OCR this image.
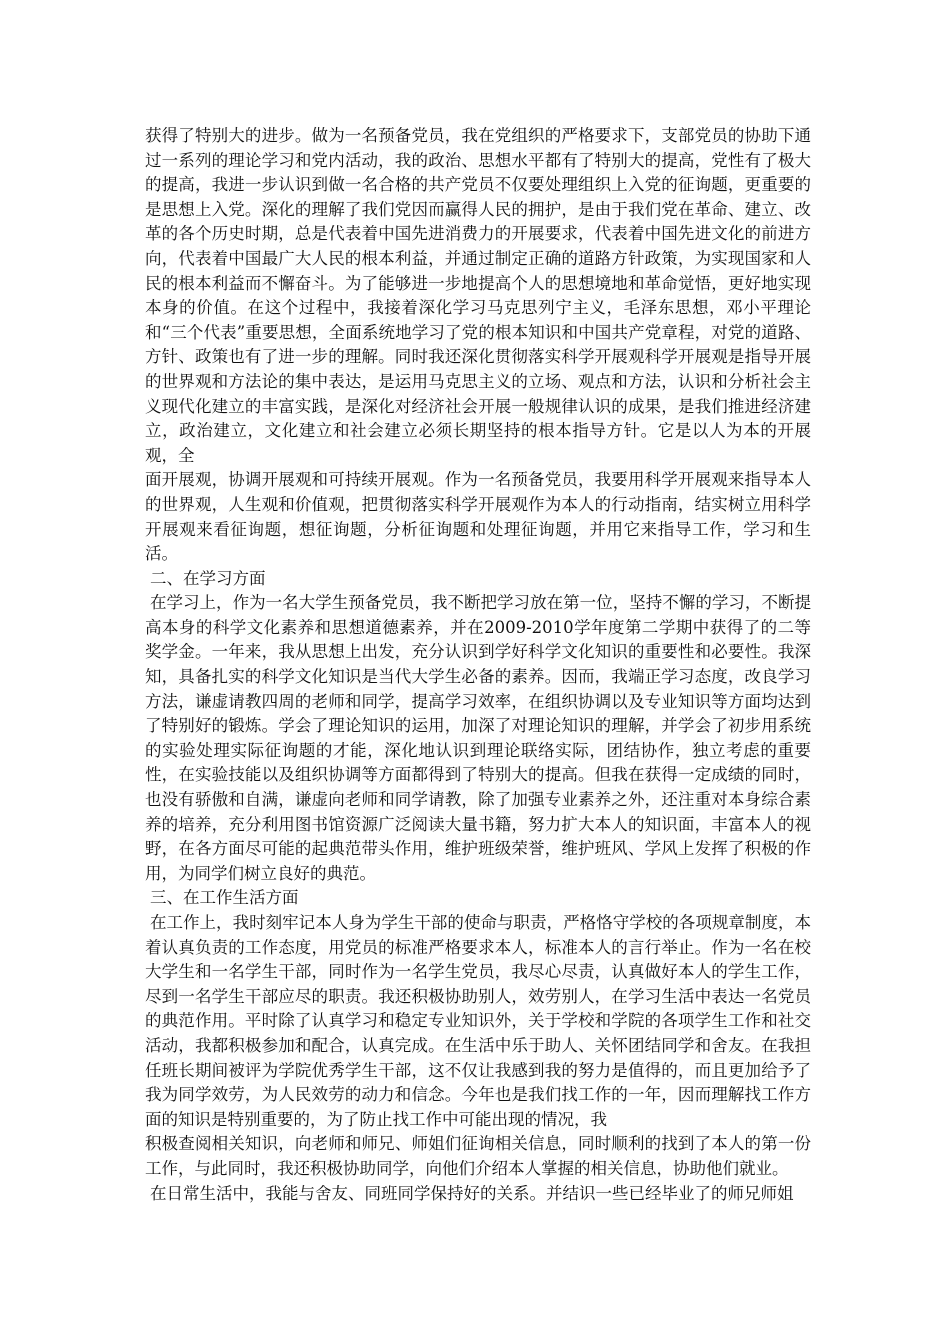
获得了特别大的进步。做为一名预备党员，我在党组织的严格要求下，支部党员的协助下通过一系列的理论学习和党内活动，我的政治、思想水平都有了特别大的提高，党性有了极大的提高，我进一步认识到做一名合格的共产党员不仅要处理组织上入党的征询题，更重要的是思想上入党。深化的理解了我们党因而赢得人民的拥护，是由于我们党在革命、建立、改革的各个历史时期，总是代表着中国先进消费力的开展要求，代表着中国先进文化的前进方向，代表着中国最广大人民的根本利益，并通过制定正确的道路方针政策，为实现国家和人民的根本利益而不懈奋斗。为了能够进一步地提高个人的思想境地和革命觉悟，更好地实现本身的价值。在这个过程中，我接着深化学习马克思列宁主义，毛泽东思想，邓小平理论和“三个代表”重要思想，全面系统地学习了党的根本知识和中国共产党章程，对党的道路、方针、政策也有了进一步的理解。同时我还深化贯彻落实科学开展观科学开展观是指导开展的世界观和方法论的集中表达，是运用马克思主义的立场、观点和方法，认识和分析社会主义现代化建立的丰富实践，是深化对经济社会开展一般规律认识的成果，是我们推进经济建立，政治建立，文化建立和社会建立必须长期坚持的根本指导方针。它是以人为本的开展观，全

面开展观，协调开展观和可持续开展观。作为一名预备党员，我要用科学开展观来指导本人的世界观，人生观和价值观，把贯彻落实科学开展观作为本人的行动指南，结实树立用科学开展观来看征询题，想征询题，分析征询题和处理征询题，并用它来指导工作，学习和生活。

二、在学习方面

在学习上，作为一名大学生预备党员，我不断把学习放在第一位，坚持不懈的学习，不断提高本身的科学文化素养和思想道德素养，并在2009-2010学年度第二学期中获得了的二等奖学金。一年来，我从思想上出发，充分认识到学好科学文化知识的重要性和必要性。我深知，具备扎实的科学文化知识是当代大学生必备的素养。因而，我端正学习态度，改良学习方法，谦虚请教四周的老师和同学，提高学习效率，在组织协调以及专业知识等方面均达到了特别好的锻炼。学会了理论知识的运用，加深了对理论知识的理解，并学会了初步用系统的实验处理实际征询题的才能，深化地认识到理论联络实际，团结协作，独立考虑的重要性，在实验技能以及组织协调等方面都得到了特别大的提高。但我在获得一定成绩的同时，也没有骄傲和自满，谦虚向老师和同学请教，除了加强专业素养之外，还注重对本身综合素养的培养，充分利用图书馆资源广泛阅读大量书籍，努力扩大本人的知识面，丰富本人的视野，在各方面尽可能的起典范带头作用，维护班级荣誉，维护班风、学风上发挥了积极的作用，为同学们树立良好的典范。

三、在工作生活方面

在工作上，我时刻牢记本人身为学生干部的使命与职责，严格恪守学校的各项规章制度，本着认真负责的工作态度，用党员的标准严格要求本人，标准本人的言行举止。作为一名在校大学生和一名学生干部，同时作为一名学生党员，我尽心尽责，认真做好本人的学生工作，尽到一名学生干部应尽的职责。我还积极协助别人，效劳别人，在学习生活中表达一名党员的典范作用。平时除了认真学习和稳定专业知识外，关于学校和学院的各项学生工作和社交活动，我都积极参加和配合，认真完成。在生活中乐于助人、关怀团结同学和舍友。在我担任班长期间被评为学院优秀学生干部，这不仅让我感到我的努力是值得的，而且更加给予了我为同学效劳，为人民效劳的动力和信念。今年也是我们找工作的一年，因而理解找工作方面的知识是特别重要的，为了防止找工作中可能出现的情况，我

积极查阅相关知识，向老师和师兄、师姐们征询相关信息，同时顺利的找到了本人的第一份工作，与此同时，我还积极协助同学，向他们介绍本人掌握的相关信息，协助他们就业。

在日常生活中，我能与舍友、同班同学保持好的关系。并结识一些已经毕业了的师兄师姐
